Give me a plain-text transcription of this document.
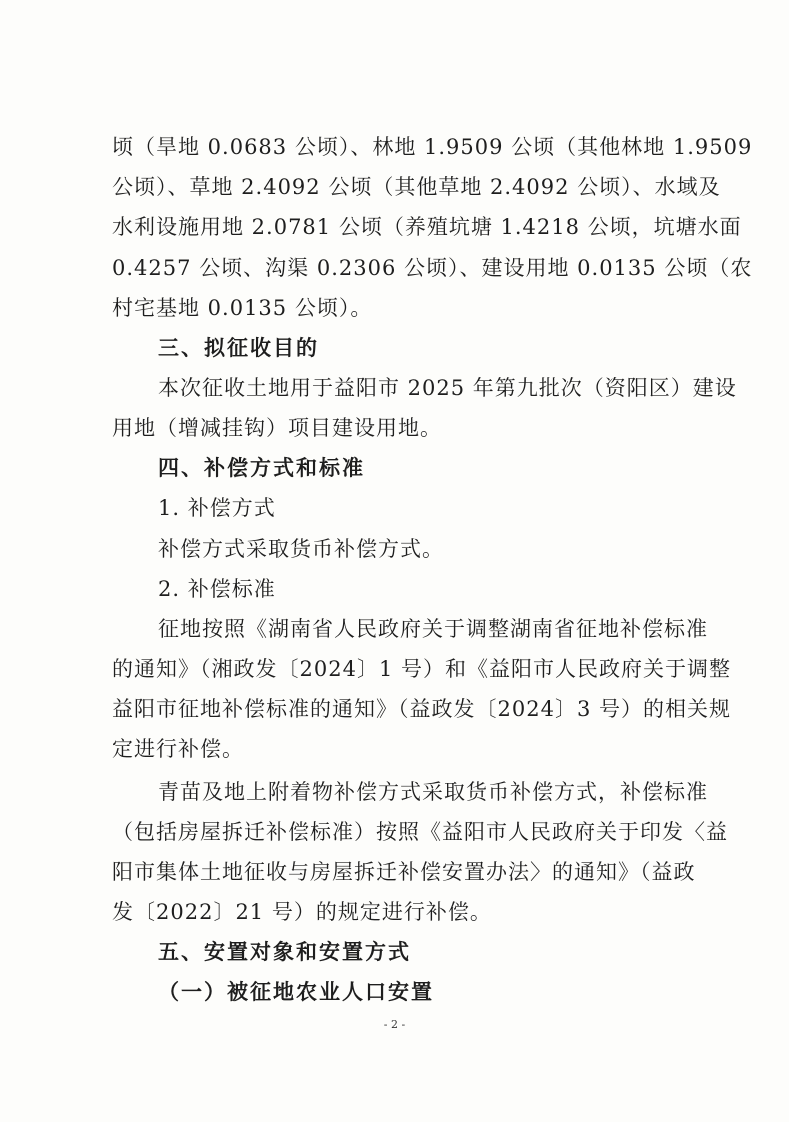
顷（旱地 0.0683 公顷）、林地 1.9509 公顷（其他林地 1.9509
公顷）、草地 2.4092 公顷（其他草地 2.4092 公顷）、水域及
水利设施用地 2.0781 公顷（养殖坑塘 1.4218 公顷，坑塘水面
0.4257 公顷、沟渠 0.2306 公顷）、建设用地 0.0135 公顷（农
村宅基地 0.0135 公顷）。
三、拟征收目的
本次征收土地用于益阳市 2025 年第九批次（资阳区）建设
用地（增减挂钩）项目建设用地。
四、补偿方式和标准
1. 补偿方式
补偿方式采取货币补偿方式。
2. 补偿标准
征地按照《湖南省人民政府关于调整湖南省征地补偿标准
的通知》（湘政发〔2024〕1 号）和《益阳市人民政府关于调整
益阳市征地补偿标准的通知》（益政发〔2024〕3 号）的相关规
定进行补偿。
青苗及地上附着物补偿方式采取货币补偿方式，补偿标准
（包括房屋拆迁补偿标准）按照《益阳市人民政府关于印发〈益
阳市集体土地征收与房屋拆迁补偿安置办法〉的通知》（益政
发〔2022〕21 号）的规定进行补偿。
五、安置对象和安置方式
（一）被征地农业人口安置
- 2 -
